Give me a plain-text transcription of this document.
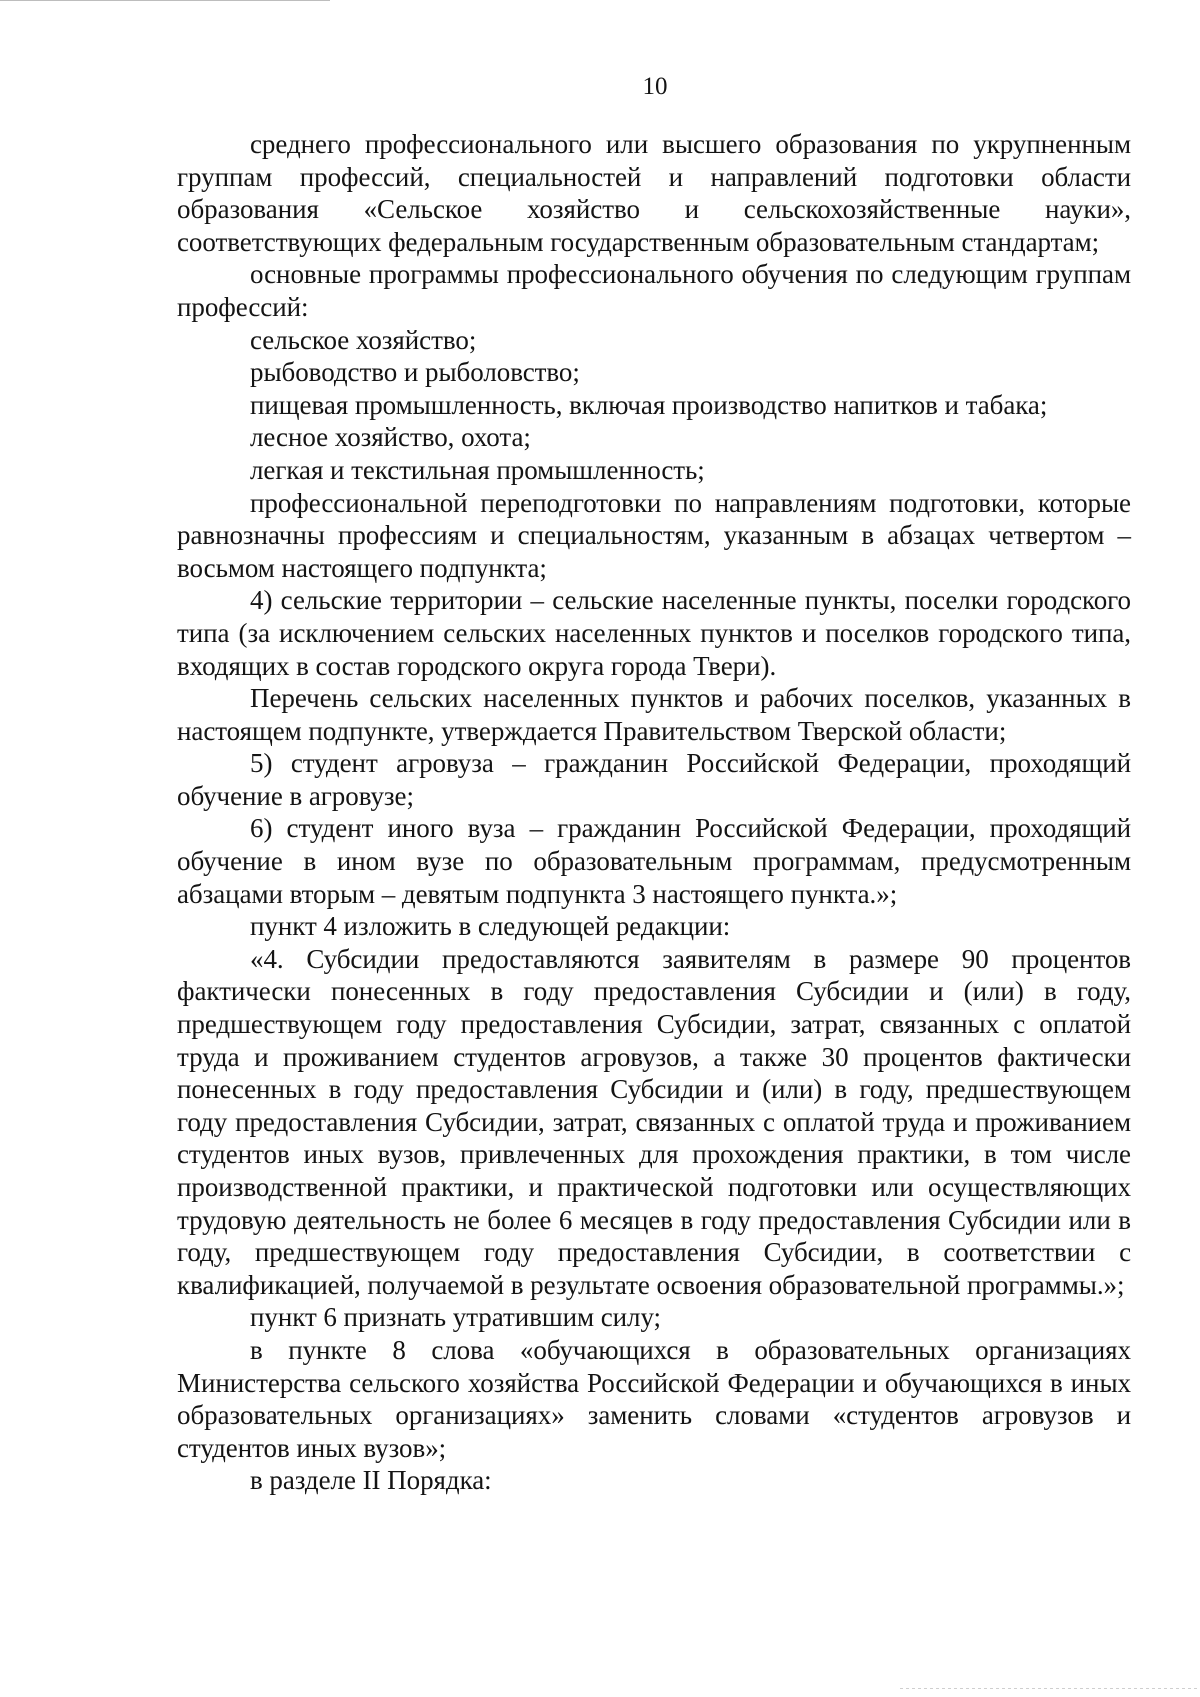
10

среднего профессионального или высшего образования по укрупненным группам профессий, специальностей и направлений подготовки области образования «Сельское хозяйство и сельскохозяйственные науки», соответствующих федеральным государственным образовательным стандартам;

основные программы профессионального обучения по следующим группам профессий:

сельское хозяйство;

рыбоводство и рыболовство;

пищевая промышленность, включая производство напитков и табака;

лесное хозяйство, охота;

легкая и текстильная промышленность;

профессиональной переподготовки по направлениям подготовки, которые равнозначны профессиям и специальностям, указанным в абзацах четвертом – восьмом настоящего подпункта;

4) сельские территории – сельские населенные пункты, поселки городского типа (за исключением сельских населенных пунктов и поселков городского типа, входящих в состав городского округа города Твери).

Перечень сельских населенных пунктов и рабочих поселков, указанных в настоящем подпункте, утверждается Правительством Тверской области;

5) студент агровуза – гражданин Российской Федерации, проходящий обучение в агровузе;

6) студент иного вуза – гражданин Российской Федерации, проходящий обучение в ином вузе по образовательным программам, предусмотренным абзацами вторым – девятым подпункта 3 настоящего пункта.»;

пункт 4 изложить в следующей редакции:

«4. Субсидии предоставляются заявителям в размере 90 процентов фактически понесенных в году предоставления Субсидии и (или) в году, предшествующем году предоставления Субсидии, затрат, связанных с оплатой труда и проживанием студентов агровузов, а также 30 процентов фактически понесенных в году предоставления Субсидии и (или) в году, предшествующем году предоставления Субсидии, затрат, связанных с оплатой труда и проживанием студентов иных вузов, привлеченных для прохождения практики, в том числе производственной практики, и практической подготовки или осуществляющих трудовую деятельность не более 6 месяцев в году предоставления Субсидии или в году, предшествующем году предоставления Субсидии, в соответствии с квалификацией, получаемой в результате освоения образовательной программы.»;

пункт 6 признать утратившим силу;

в пункте 8 слова «обучающихся в образовательных организациях Министерства сельского хозяйства Российской Федерации и обучающихся в иных образовательных организациях» заменить словами «студентов агровузов и студентов иных вузов»;

в разделе II Порядка:
